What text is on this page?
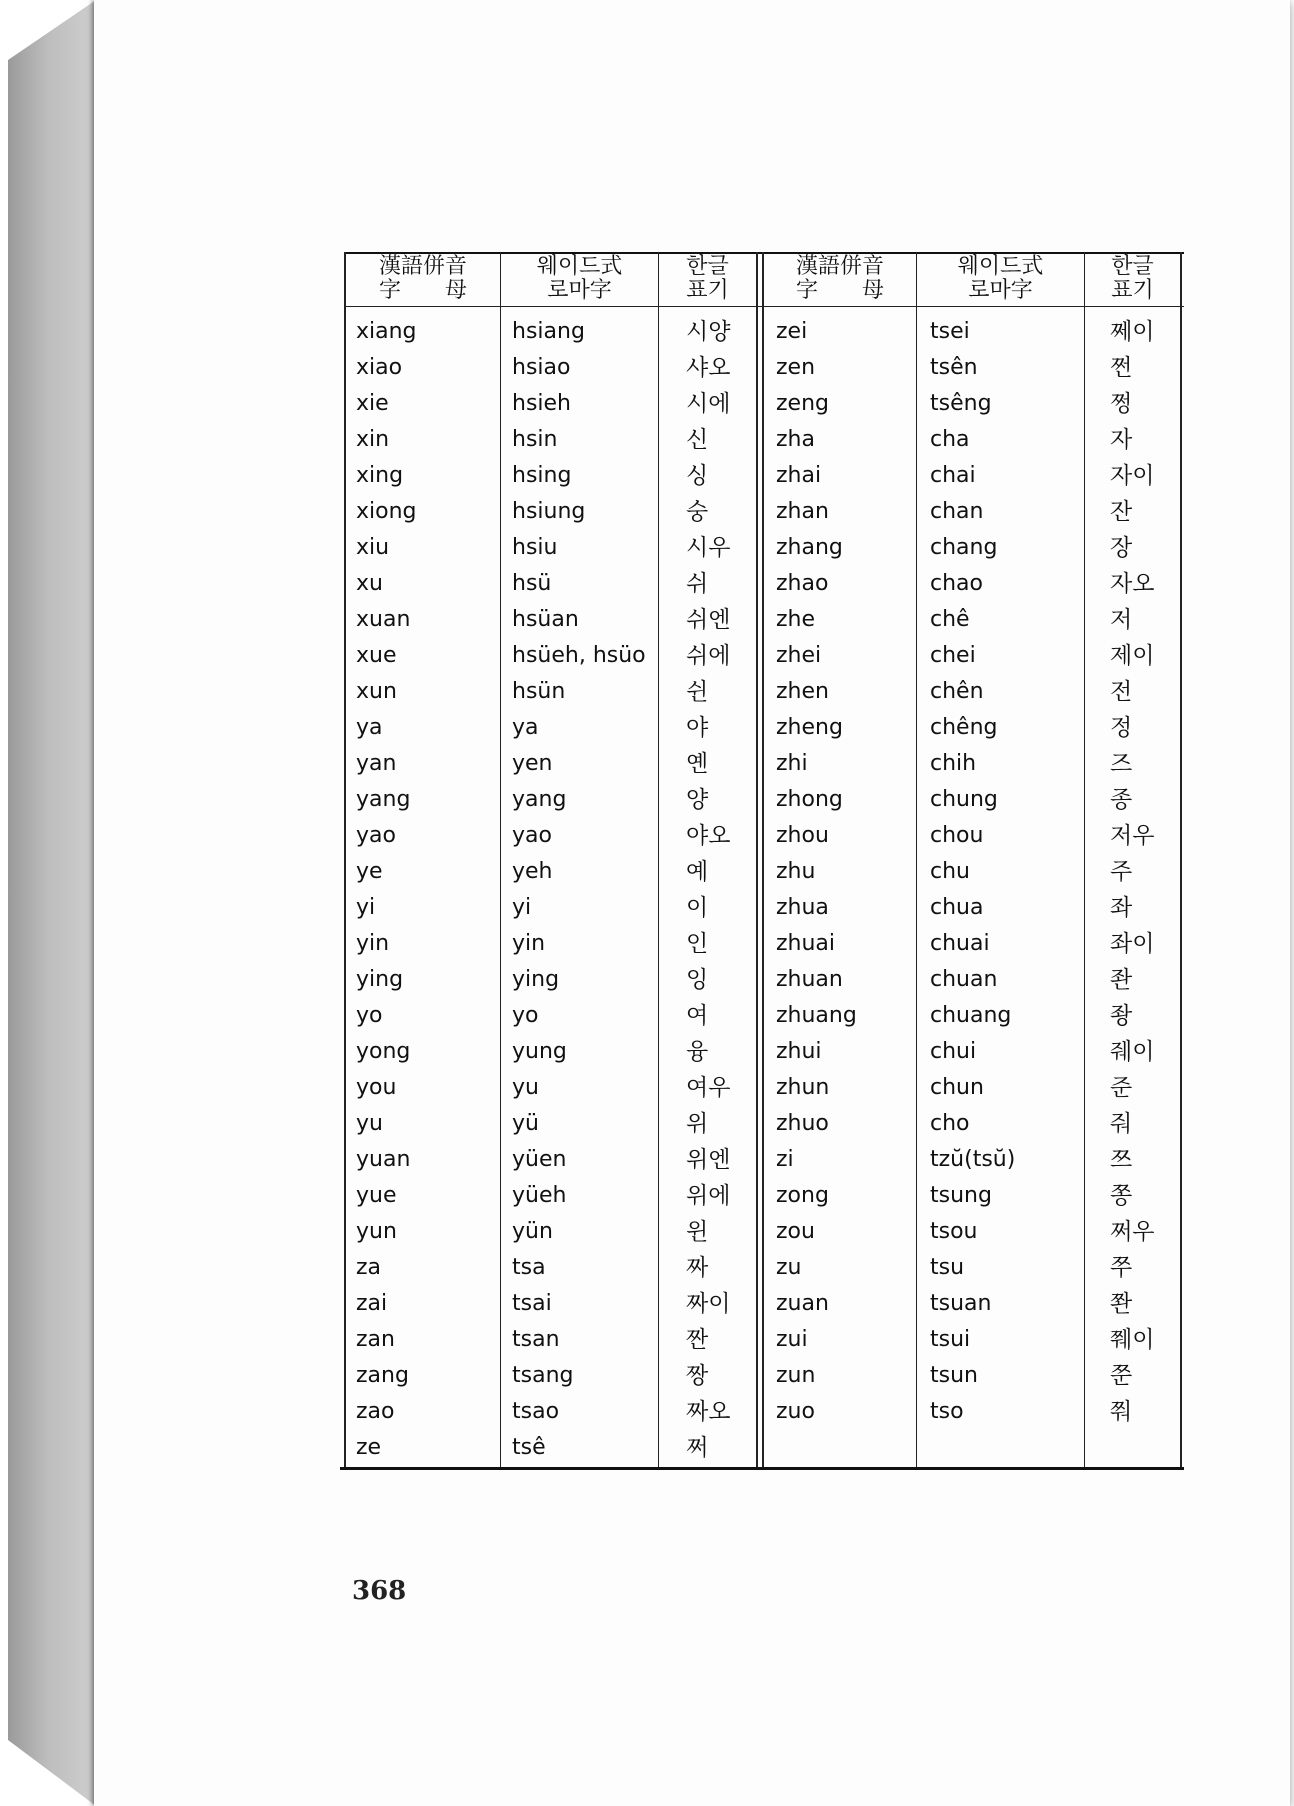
漢語併音
字　　母
웨이드式
로마字
한글
표기
漢語併音
字　　母
웨이드式
로마字
한글
표기
xiang
xiao
xie
xin
xing
xiong
xiu
xu
xuan
xue
xun
ya
yan
yang
yao
ye
yi
yin
ying
yo
yong
you
yu
yuan
yue
yun
za
zai
zan
zang
zao
ze
hsiang
hsiao
hsieh
hsin
hsing
hsiung
hsiu
hsü
hsüan
hsüeh, hsüo
hsün
ya
yen
yang
yao
yeh
yi
yin
ying
yo
yung
yu
yü
yüen
yüeh
yün
tsa
tsai
tsan
tsang
tsao
tsê
시양
샤오
시에
신
싱
숭
시우
쉬
쉬엔
쉬에
쉰
야
옌
양
야오
예
이
인
잉
여
융
여우
위
위엔
위에
윈
짜
짜이
짠
짱
짜오
쩌
zei
zen
zeng
zha
zhai
zhan
zhang
zhao
zhe
zhei
zhen
zheng
zhi
zhong
zhou
zhu
zhua
zhuai
zhuan
zhuang
zhui
zhun
zhuo
zi
zong
zou
zu
zuan
zui
zun
zuo
tsei
tsên
tsêng
cha
chai
chan
chang
chao
chê
chei
chên
chêng
chih
chung
chou
chu
chua
chuai
chuan
chuang
chui
chun
cho
tzŭ(tsŭ)
tsung
tsou
tsu
tsuan
tsui
tsun
tso
쩨이
쩐
쩡
자
자이
잔
장
자오
저
제이
전
정
즈
종
저우
주
좌
좌이
좐
좡
줴이
준
줘
쯔
쫑
쩌우
쭈
쫜
쮀이
쭌
쭤
368
